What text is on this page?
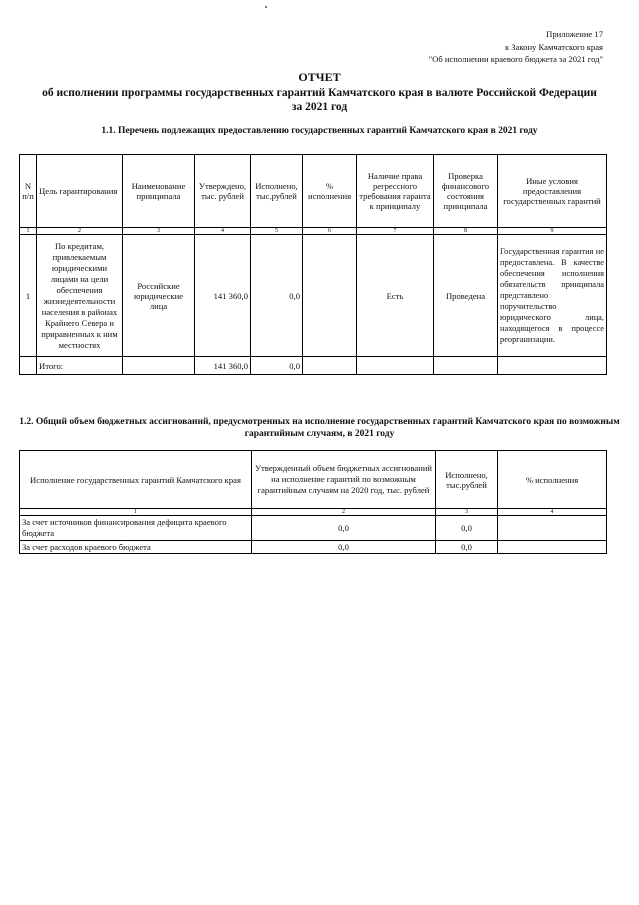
Приложение 17
к Закону Камчатского края
"Об исполнении краевого бюджета за 2021 год"
ОТЧЕТ
об исполнении программы государственных гарантий Камчатского края в валюте Российской Федерации
за 2021 год
1.1. Перечень подлежащих предоставлению государственных гарантий Камчатского края в 2021 году
N п/п	Цель гарантирования	Наименование принципала	Утверждено, тыс. рублей	Исполнено, тыс.рублей	% исполнения	Наличие права регрессного требования гаранта к принципалу	Проверка финансового состояния принципала	Иные условия предоставления государственных гарантий
1	2	3	4	5	6	7	8	9
1	По кредитам, привлекаемым юридическими лицами на цели обеспечения жизнедеятельности населения в районах Крайнего Севера и приравненных к ним местностях	Российские юридические лица	141 360,0	0,0		Есть	Проведена	Государственная гарантия не предоставлена. В качестве обеспечения исполнения обязательств принципала представлено поручительство юридического лица, находящегося в процессе реорганизации.
	Итого:		141 360,0	0,0				
1.2. Общий объем бюджетных ассигнований, предусмотренных на исполнение государственных гарантий Камчатского края по возможным гарантийным случаям, в 2021 году
Исполнение государственных гарантий Камчатского края	Утвержденный объем бюджетных ассигнований на исполнение гарантий по возможным гарантийным случаям на 2020 год, тыс. рублей	Исполнено, тыс.рублей	% исполнения
1	2	3	4
За счет источников финансирования дефицита краевого бюджета	0,0	0,0	
За счет расходов краевого бюджета	0,0	0,0	
